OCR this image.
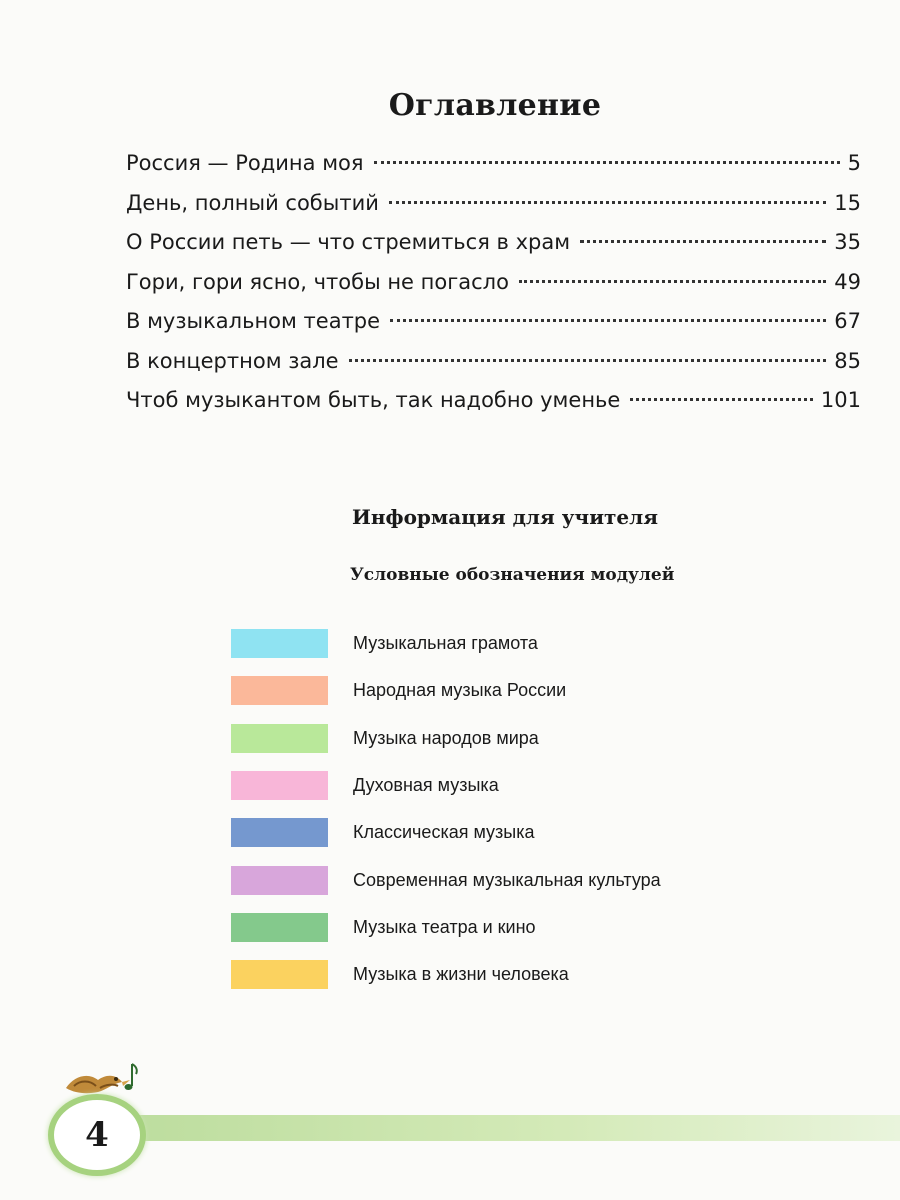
Оглавление
Россия — Родина моя	5
День, полный событий	15
О России петь — что стремиться в храм	35
Гори, гори ясно, чтобы не погасло	49
В музыкальном театре	67
В концертном зале	85
Чтоб музыкантом быть, так надобно уменье	101
Информация для учителя
Условные обозначения модулей
Музыкальная грамота
Народная музыка России
Музыка народов мира
Духовная музыка
Классическая музыка
Современная музыкальная культура
Музыка театра и кино
Музыка в жизни человека
4
